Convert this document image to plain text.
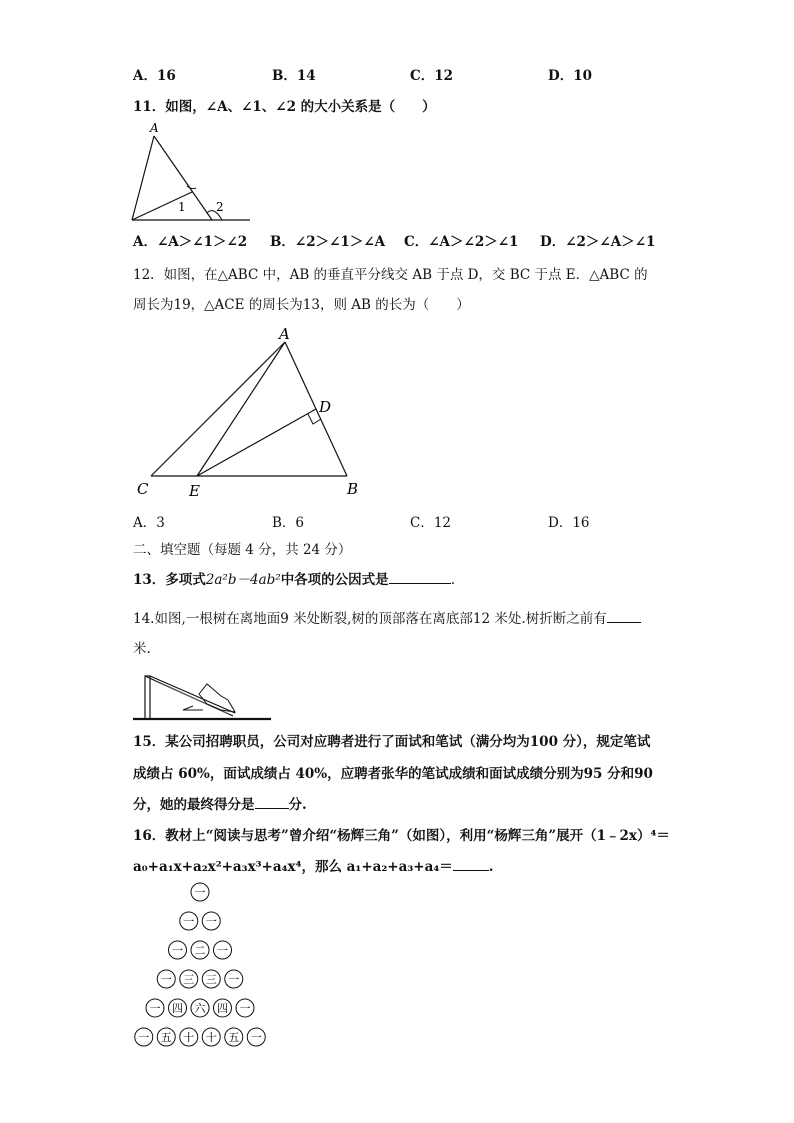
A．16	B．14	C．12	D．10
11．如图，∠A、∠1、∠2 的大小关系是（　　）
A
1	2
A．∠A＞∠1＞∠2 B．∠2＞∠1＞∠A C．∠A＞∠2＞∠1 D．∠2＞∠A＞∠1
12．如图，在△ABC 中，AB 的垂直平分线交 AB 于点 D，交 BC 于点 E．△ABC 的
周长为19，△ACE 的周长为13，则 AB 的长为（　　）
A
D
C	E	B
A．3	B．6	C．12	D．16
二、填空题（每题 4 分，共 24 分）
13．多项式2a²b－4ab²中各项的公因式是	.
14.如图,一根树在离地面9 米处断裂,树的顶部落在离底部12 米处.树折断之前有
米.
15．某公司招聘职员，公司对应聘者进行了面试和笔试（满分均为100 分），规定笔试
成绩占 60%，面试成绩占 40%，应聘者张华的笔试成绩和面试成绩分别为95 分和90
分，她的最终得分是	分.
16．教材上“阅读与思考”曾介绍“杨辉三角”（如图），利用“杨辉三角”展开（1﹣2x）⁴＝
a₀+a₁x+a₂x²+a₃x³+a₄x⁴，那么 a₁+a₂+a₃+a₄＝	.
一
一 一
一 二 一
一 三 三 一
一 四 六 四 一
一 五 十 十 五 一
